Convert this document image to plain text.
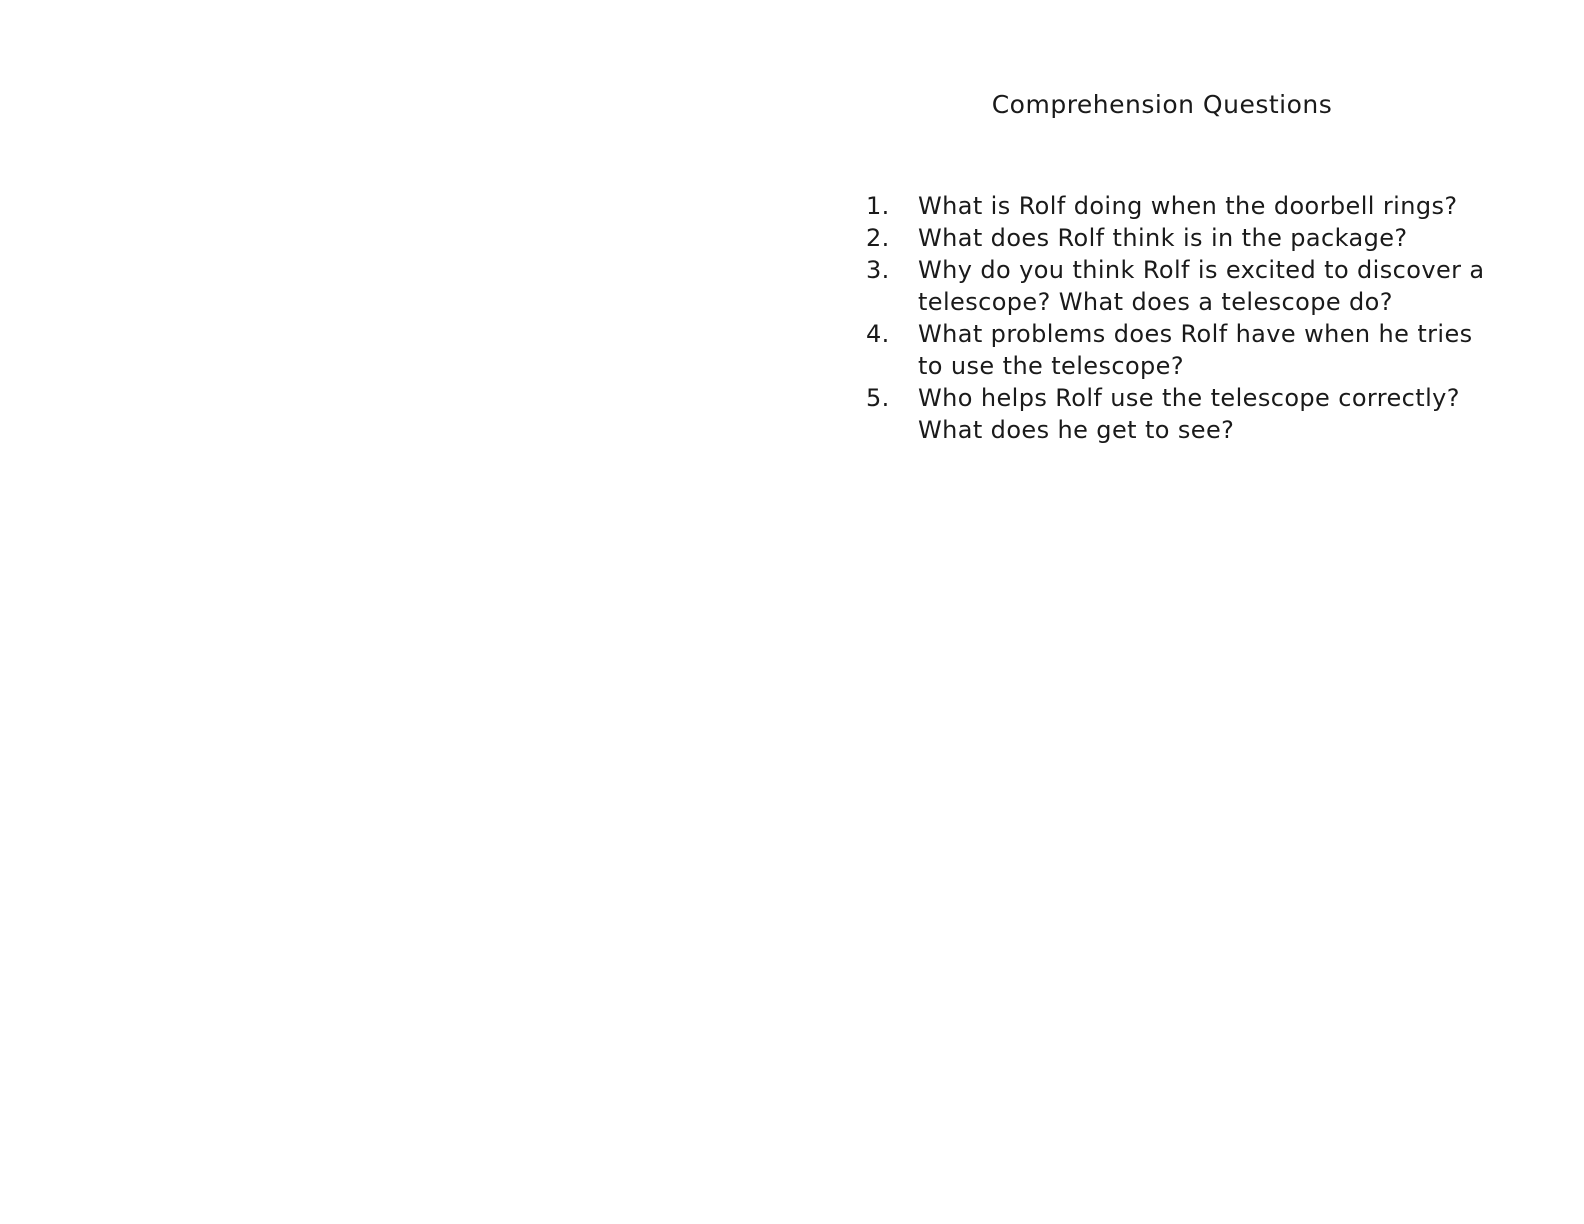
Comprehension Questions
1.	What is Rolf doing when the doorbell rings?
2.	What does Rolf think is in the package?
3.	Why do you think Rolf is excited to discover a telescope? What does a telescope do?
4.	What problems does Rolf have when he tries to use the telescope?
5.	Who helps Rolf use the telescope correctly? What does he get to see?
